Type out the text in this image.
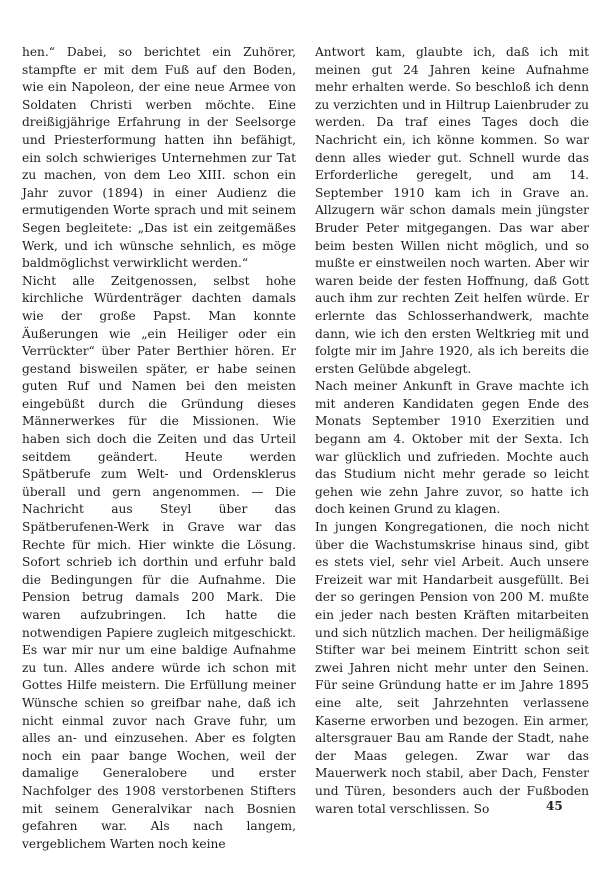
hen.“ Dabei, so berichtet ein Zuhörer, stampfte er mit dem Fuß auf den Boden, wie ein Napoleon, der eine neue Armee von Soldaten Christi werben möchte. Eine dreißigjährige Erfahrung in der Seelsorge und Priesterformung hatten ihn befähigt, ein solch schwieriges Unternehmen zur Tat zu machen, von dem Leo XIII. schon ein Jahr zuvor (1894) in einer Audienz die ermutigenden Worte sprach und mit seinem Segen begleitete: „Das ist ein zeitgemäßes Werk, und ich wünsche sehnlich, es möge baldmöglichst verwirklicht werden.“

Nicht alle Zeitgenossen, selbst hohe kirchliche Würdenträger dachten damals wie der große Papst. Man konnte Äußerungen wie „ein Heiliger oder ein Verrückter“ über Pater Berthier hören. Er gestand bisweilen später, er habe seinen guten Ruf und Namen bei den meisten eingebüßt durch die Gründung dieses Männerwerkes für die Missionen. Wie haben sich doch die Zeiten und das Urteil seitdem geändert. Heute werden Spätberufe zum Welt- und Ordensklerus überall und gern angenommen. — Die Nachricht aus Steyl über das Spätberufenen-Werk in Grave war das Rechte für mich. Hier winkte die Lösung. Sofort schrieb ich dorthin und erfuhr bald die Bedingungen für die Aufnahme. Die Pension betrug damals 200 Mark. Die waren aufzubringen. Ich hatte die notwendigen Papiere zugleich mitgeschickt. Es war mir nur um eine baldige Aufnahme zu tun. Alles andere würde ich schon mit Gottes Hilfe meistern. Die Erfüllung meiner Wünsche schien so greifbar nahe, daß ich nicht einmal zuvor nach Grave fuhr, um alles an- und einzusehen. Aber es folgten noch ein paar bange Wochen, weil der damalige Generalobere und erster Nachfolger des 1908 verstorbenen Stifters mit seinem Generalvikar nach Bosnien gefahren war. Als nach langem, vergeblichem Warten noch keine

Antwort kam, glaubte ich, daß ich mit meinen gut 24 Jahren keine Aufnahme mehr erhalten werde. So beschloß ich denn zu verzichten und in Hiltrup Laienbruder zu werden. Da traf eines Tages doch die Nachricht ein, ich könne kommen. So war denn alles wieder gut. Schnell wurde das Erforderliche geregelt, und am 14. September 1910 kam ich in Grave an. Allzugern wär schon damals mein jüngster Bruder Peter mitgegangen. Das war aber beim besten Willen nicht möglich, und so mußte er einstweilen noch warten. Aber wir waren beide der festen Hoffnung, daß Gott auch ihm zur rechten Zeit helfen würde. Er erlernte das Schlosserhandwerk, machte dann, wie ich den ersten Weltkrieg mit und folgte mir im Jahre 1920, als ich bereits die ersten Gelübde abgelegt.

Nach meiner Ankunft in Grave machte ich mit anderen Kandidaten gegen Ende des Monats September 1910 Exerzitien und begann am 4. Oktober mit der Sexta. Ich war glücklich und zufrieden. Mochte auch das Studium nicht mehr gerade so leicht gehen wie zehn Jahre zuvor, so hatte ich doch keinen Grund zu klagen.

In jungen Kongregationen, die noch nicht über die Wachstumskrise hinaus sind, gibt es stets viel, sehr viel Arbeit. Auch unsere Freizeit war mit Handarbeit ausgefüllt. Bei der so geringen Pension von 200 M. mußte ein jeder nach besten Kräften mitarbeiten und sich nützlich machen. Der heiligmäßige Stifter war bei meinem Eintritt schon seit zwei Jahren nicht mehr unter den Seinen. Für seine Gründung hatte er im Jahre 1895 eine alte, seit Jahrzehnten verlassene Kaserne erworben und bezogen. Ein armer, altersgrauer Bau am Rande der Stadt, nahe der Maas gelegen. Zwar war das Mauerwerk noch stabil, aber Dach, Fenster und Türen, besonders auch der Fußboden waren total verschlissen. So	45
